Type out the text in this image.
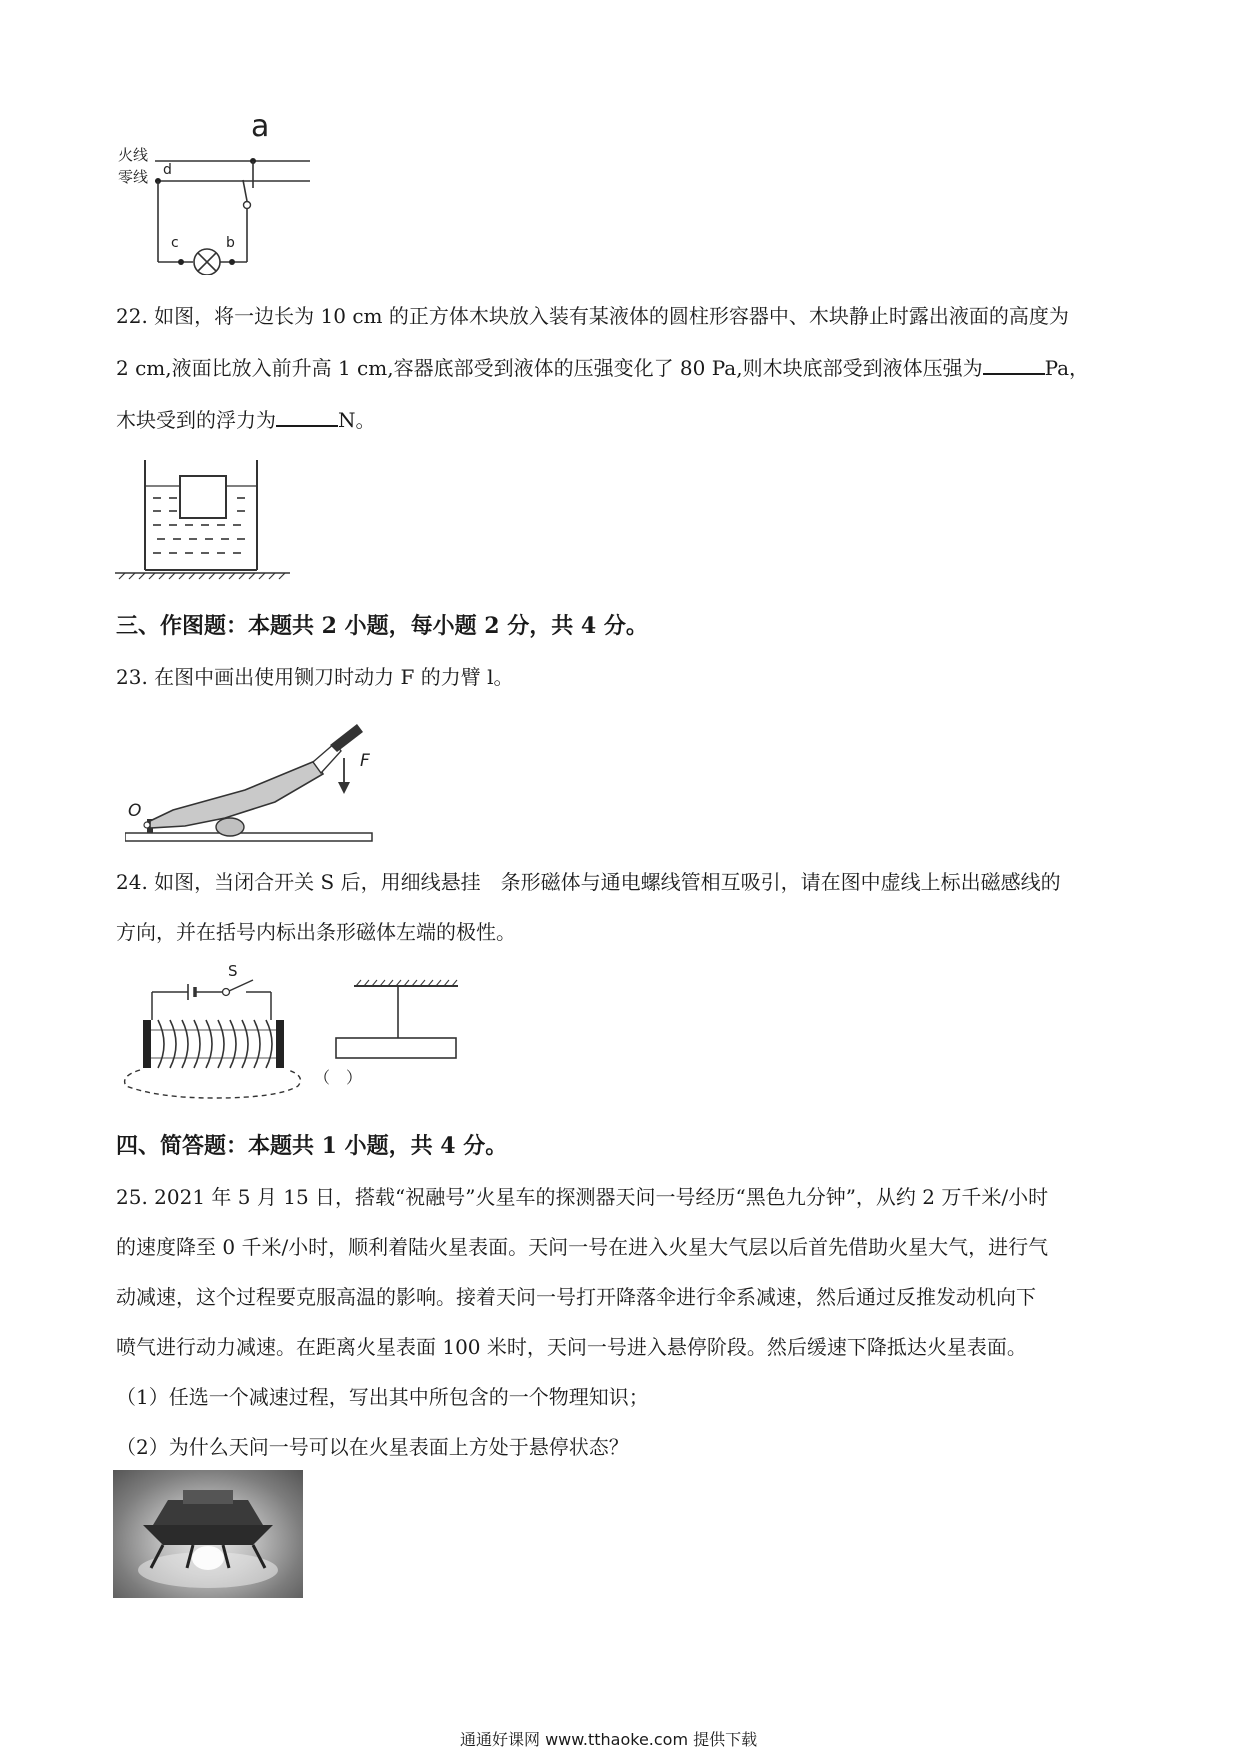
a
火线
零线 d
c	b
22. 如图，将一边长为 10 cm 的正方体木块放入装有某液体的圆柱形容器中、木块静止时露出液面的高度为
2 cm,液面比放入前升高 1 cm,容器底部受到液体的压强变化了 80 Pa,则木块底部受到液体压强为	Pa，
木块受到的浮力为	N。
三、作图题：本题共 2 小题，每小题 2 分，共 4 分。
23. 在图中画出使用铡刀时动力 F 的力臂 l。
O
F
24. 如图，当闭合开关 S 后，用细线悬挂　条形磁体与通电螺线管相互吸引，请在图中虚线上标出磁感线的
方向，并在括号内标出条形磁体左端的极性。
S
（　）
四、简答题：本题共 1 小题，共 4 分。
25. 2021 年 5 月 15 日，搭载“祝融号”火星车的探测器天问一号经历“黑色九分钟”，从约 2 万千米/小时
的速度降至 0 千米/小时，顺利着陆火星表面。天问一号在进入火星大气层以后首先借助火星大气，进行气
动减速，这个过程要克服高温的影响。接着天问一号打开降落伞进行伞系减速，然后通过反推发动机向下
喷气进行动力减速。在距离火星表面 100 米时，天问一号进入悬停阶段。然后缓速下降抵达火星表面。
（1）任选一个减速过程，写出其中所包含的一个物理知识；
（2）为什么天问一号可以在火星表面上方处于悬停状态？
通通好课网 www.tthaoke.com 提供下载
